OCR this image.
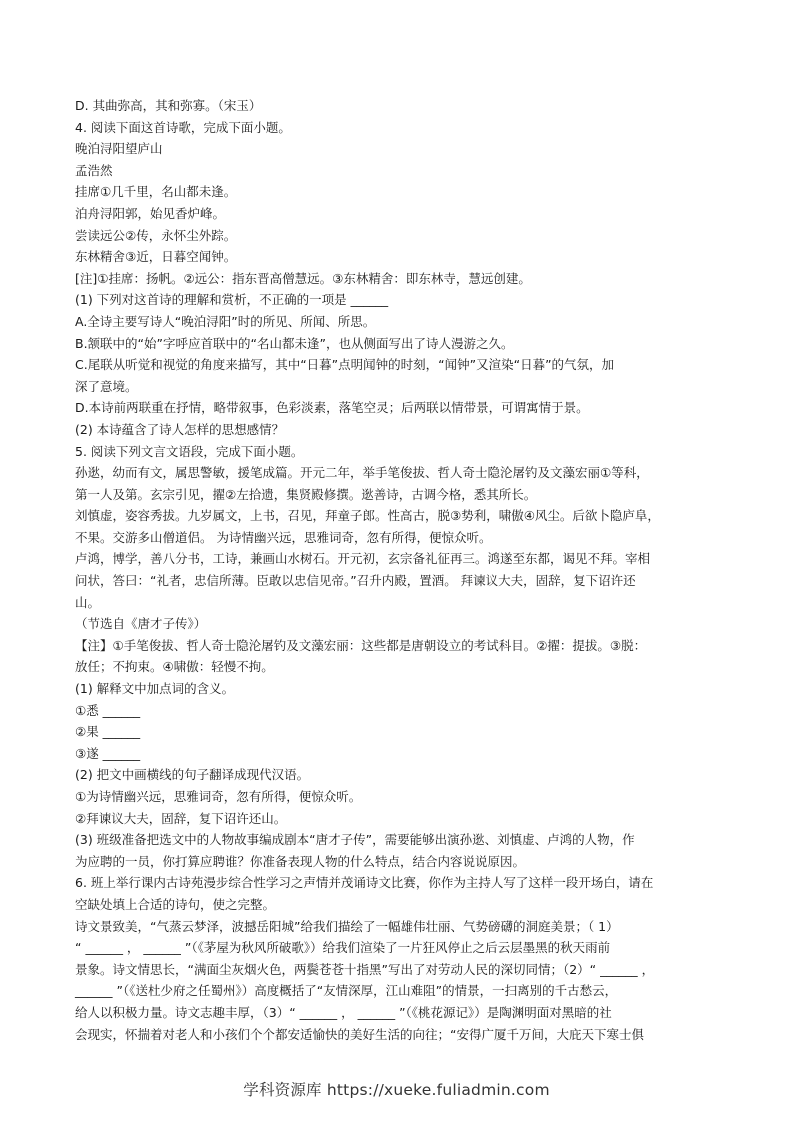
D. 其曲弥高，其和弥寡。（宋玉）
4. 阅读下面这首诗歌，完成下面小题。
晚泊浔阳望庐山
孟浩然
挂席①几千里，名山都未逢。
泊舟浔阳郭，始见香炉峰。
尝读远公②传，永怀尘外踪。
东林精舍③近，日暮空闻钟。
[注]①挂席：扬帆。②远公：指东晋高僧慧远。③东林精舍：即东林寺，慧远创建。
(1) 下列对这首诗的理解和赏析，不正确的一项是 ______
A.全诗主要写诗人“晚泊浔阳”时的所见、所闻、所思。
B.颔联中的“始”字呼应首联中的“名山都未逢”，也从侧面写出了诗人漫游之久。
C.尾联从听觉和视觉的角度来描写，其中“日暮”点明闻钟的时刻，“闻钟”又渲染“日暮”的气氛，加
深了意境。
D.本诗前两联重在抒情，略带叙事，色彩淡素，落笔空灵；后两联以情带景，可谓寓情于景。
(2) 本诗蕴含了诗人怎样的思想感情？
5. 阅读下列文言文语段，完成下面小题。
孙逖，幼而有文，属思警敏，援笔成篇。开元二年，举手笔俊拔、哲人奇士隐沦屠钓及文藻宏丽①等科，
第一人及第。玄宗引见，擢②左拾遗，集贤殿修撰。逖善诗，古调今格，悉其所长。
刘慎虚，姿容秀拔。九岁属文，上书，召见，拜童子郎。性高古，脱③势利，啸傲④风尘。后欲卜隐庐阜，
不果。交游多山僧道侣。 为诗情幽兴远，思雅词奇，忽有所得，便惊众听。
卢鸿，博学，善八分书，工诗，兼画山水树石。开元初，玄宗备礼征再三。鸿遂至东都，谒见不拜。宰相
问状，答曰：“礼者，忠信所薄。臣敢以忠信见帝。”召升内殿，置酒。 拜谏议大夫，固辞，复下诏许还
山。
（节选自《唐才子传》）
【注】①手笔俊拔、哲人奇士隐沦屠钓及文藻宏丽：这些都是唐朝设立的考试科目。②擢：提拔。③脱：
放任；不拘束。④啸傲：轻慢不拘。
(1) 解释文中加点词的含义。
①悉 ______
②果 ______
③遂 ______
(2) 把文中画横线的句子翻译成现代汉语。
①为诗情幽兴远，思雅词奇，忽有所得，便惊众听。
②拜谏议大夫，固辞，复下诏许还山。
(3) 班级准备把选文中的人物故事编成剧本“唐才子传”，需要能够出演孙逖、刘慎虚、卢鸿的人物，作
为应聘的一员，你打算应聘谁？你准备表现人物的什么特点，结合内容说说原因。
6. 班上举行课内古诗苑漫步综合性学习之声情并茂诵诗文比赛，你作为主持人写了这样一段开场白，请在
空缺处填上合适的诗句，使之完整。
诗文景致美，“气蒸云梦泽，波撼岳阳城”给我们描绘了一幅雄伟壮丽、气势磅礴的洞庭美景；（ 1）
“ ______ ， ______ ”（《茅屋为秋风所破歌》）给我们渲染了一片狂风停止之后云层墨黑的秋天雨前
景象。诗文情思长，“满面尘灰烟火色，两鬓苍苍十指黑”写出了对劳动人民的深切同情；（2）“ ______ ，
______ ”（《送杜少府之任蜀州》）高度概括了“友情深厚，江山难阻”的情景，一扫离别的千古愁云，
给人以积极力量。诗文志趣丰厚，（3）“ ______ ， ______ ”（《桃花源记》）是陶渊明面对黑暗的社
会现实，怀揣着对老人和小孩们个个都安适愉快的美好生活的向往；“安得广厦千万间，大庇天下寒士俱
学科资源库 https://xueke.fuliadmin.com
